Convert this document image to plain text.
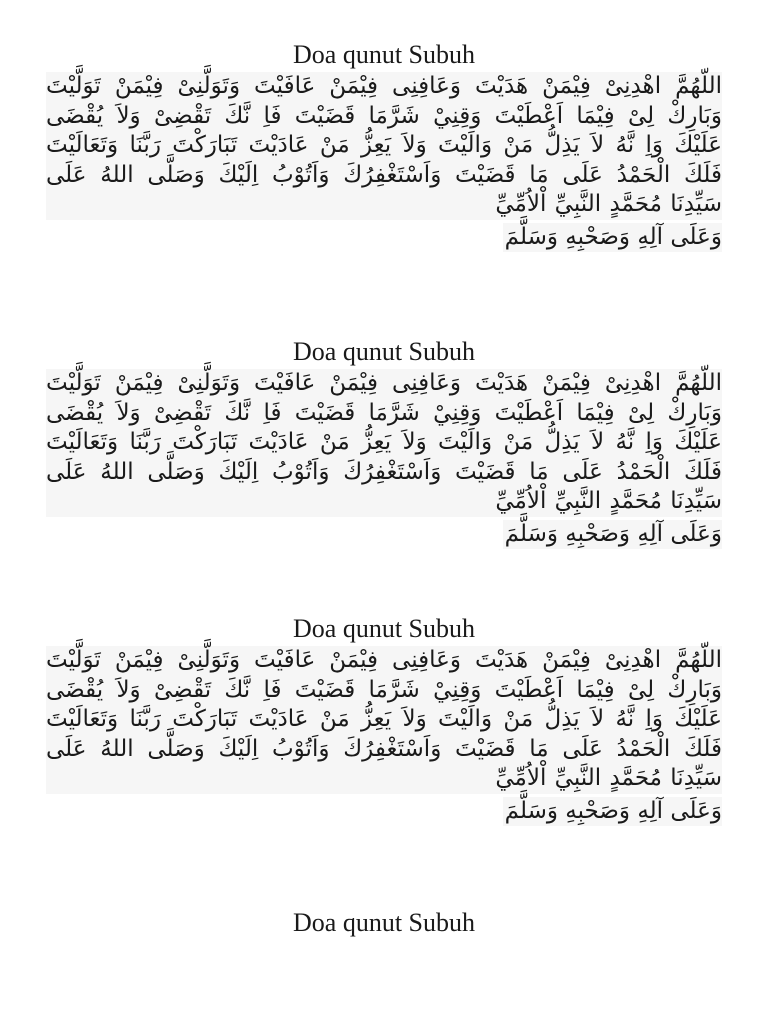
Doa qunut Subuh

اللّهُمَّ اهْدِنِىْ فِيْمَنْ هَدَيْتَ وَعَافِنِى فِيْمَنْ عَافَيْتَ وَتَوَلَّنِىْ فِيْمَنْ تَوَلَّيْتَ وَبَارِكْ لِىْ فِيْمَا اَعْطَيْتَ وَقِنِيْ شَرَّمَا قَضَيْتَ فَاِ نَّكَ تَقْضِىْ وَلاَ يُقْضَى عَلَيْكَ وَاِ نَّهُ لاَ يَذِلُّ مَنْ وَالَيْتَ وَلاَ يَعِزُّ مَنْ عَادَيْتَ تَبَارَكْتَ رَبَّنَا وَتَعَالَيْتَ فَلَكَ الْحَمْدُ عَلَى مَا قَضَيْتَ وَاَسْتَغْفِرُكَ وَاَتُوْبُ اِلَيْكَ وَصَلَّى اللهُ عَلَى سَيِّدِنَا مُحَمَّدٍ النَّبِيِّ اْلاُمِّيِّ

وَعَلَى آلِهِ وَصَحْبِهِ وَسَلَّمَ
Doa qunut Subuh

اللّهُمَّ اهْدِنِىْ فِيْمَنْ هَدَيْتَ وَعَافِنِى فِيْمَنْ عَافَيْتَ وَتَوَلَّنِىْ فِيْمَنْ تَوَلَّيْتَ وَبَارِكْ لِىْ فِيْمَا اَعْطَيْتَ وَقِنِيْ شَرَّمَا قَضَيْتَ فَاِ نَّكَ تَقْضِىْ وَلاَ يُقْضَى عَلَيْكَ وَاِ نَّهُ لاَ يَذِلُّ مَنْ وَالَيْتَ وَلاَ يَعِزُّ مَنْ عَادَيْتَ تَبَارَكْتَ رَبَّنَا وَتَعَالَيْتَ فَلَكَ الْحَمْدُ عَلَى مَا قَضَيْتَ وَاَسْتَغْفِرُكَ وَاَتُوْبُ اِلَيْكَ وَصَلَّى اللهُ عَلَى سَيِّدِنَا مُحَمَّدٍ النَّبِيِّ اْلاُمِّيِّ

وَعَلَى آلِهِ وَصَحْبِهِ وَسَلَّمَ
Doa qunut Subuh

اللّهُمَّ اهْدِنِىْ فِيْمَنْ هَدَيْتَ وَعَافِنِى فِيْمَنْ عَافَيْتَ وَتَوَلَّنِىْ فِيْمَنْ تَوَلَّيْتَ وَبَارِكْ لِىْ فِيْمَا اَعْطَيْتَ وَقِنِيْ شَرَّمَا قَضَيْتَ فَاِ نَّكَ تَقْضِىْ وَلاَ يُقْضَى عَلَيْكَ وَاِ نَّهُ لاَ يَذِلُّ مَنْ وَالَيْتَ وَلاَ يَعِزُّ مَنْ عَادَيْتَ تَبَارَكْتَ رَبَّنَا وَتَعَالَيْتَ فَلَكَ الْحَمْدُ عَلَى مَا قَضَيْتَ وَاَسْتَغْفِرُكَ وَاَتُوْبُ اِلَيْكَ وَصَلَّى اللهُ عَلَى سَيِّدِنَا مُحَمَّدٍ النَّبِيِّ اْلاُمِّيِّ

وَعَلَى آلِهِ وَصَحْبِهِ وَسَلَّمَ
Doa qunut Subuh
